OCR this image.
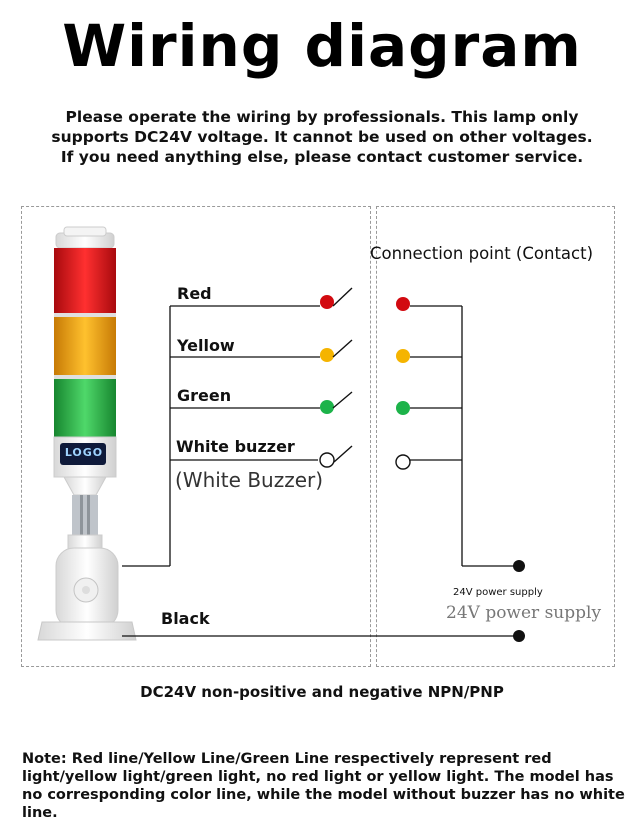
Wiring diagram
Please operate the wiring by professionals. This lamp only
supports DC24V voltage. It cannot be used on other voltages.
If you need anything else, please contact customer service.
LOGO
Red
Yellow
Green
White buzzer
(White Buzzer)
Black
Connection point (Contact)
24V power supply
24V power supply
DC24V non-positive and negative NPN/PNP
Note: Red line/Yellow Line/Green Line respectively represent red light/yellow light/green light, no red light or yellow light. The model has no corresponding color line, while the model without buzzer has no white line.
